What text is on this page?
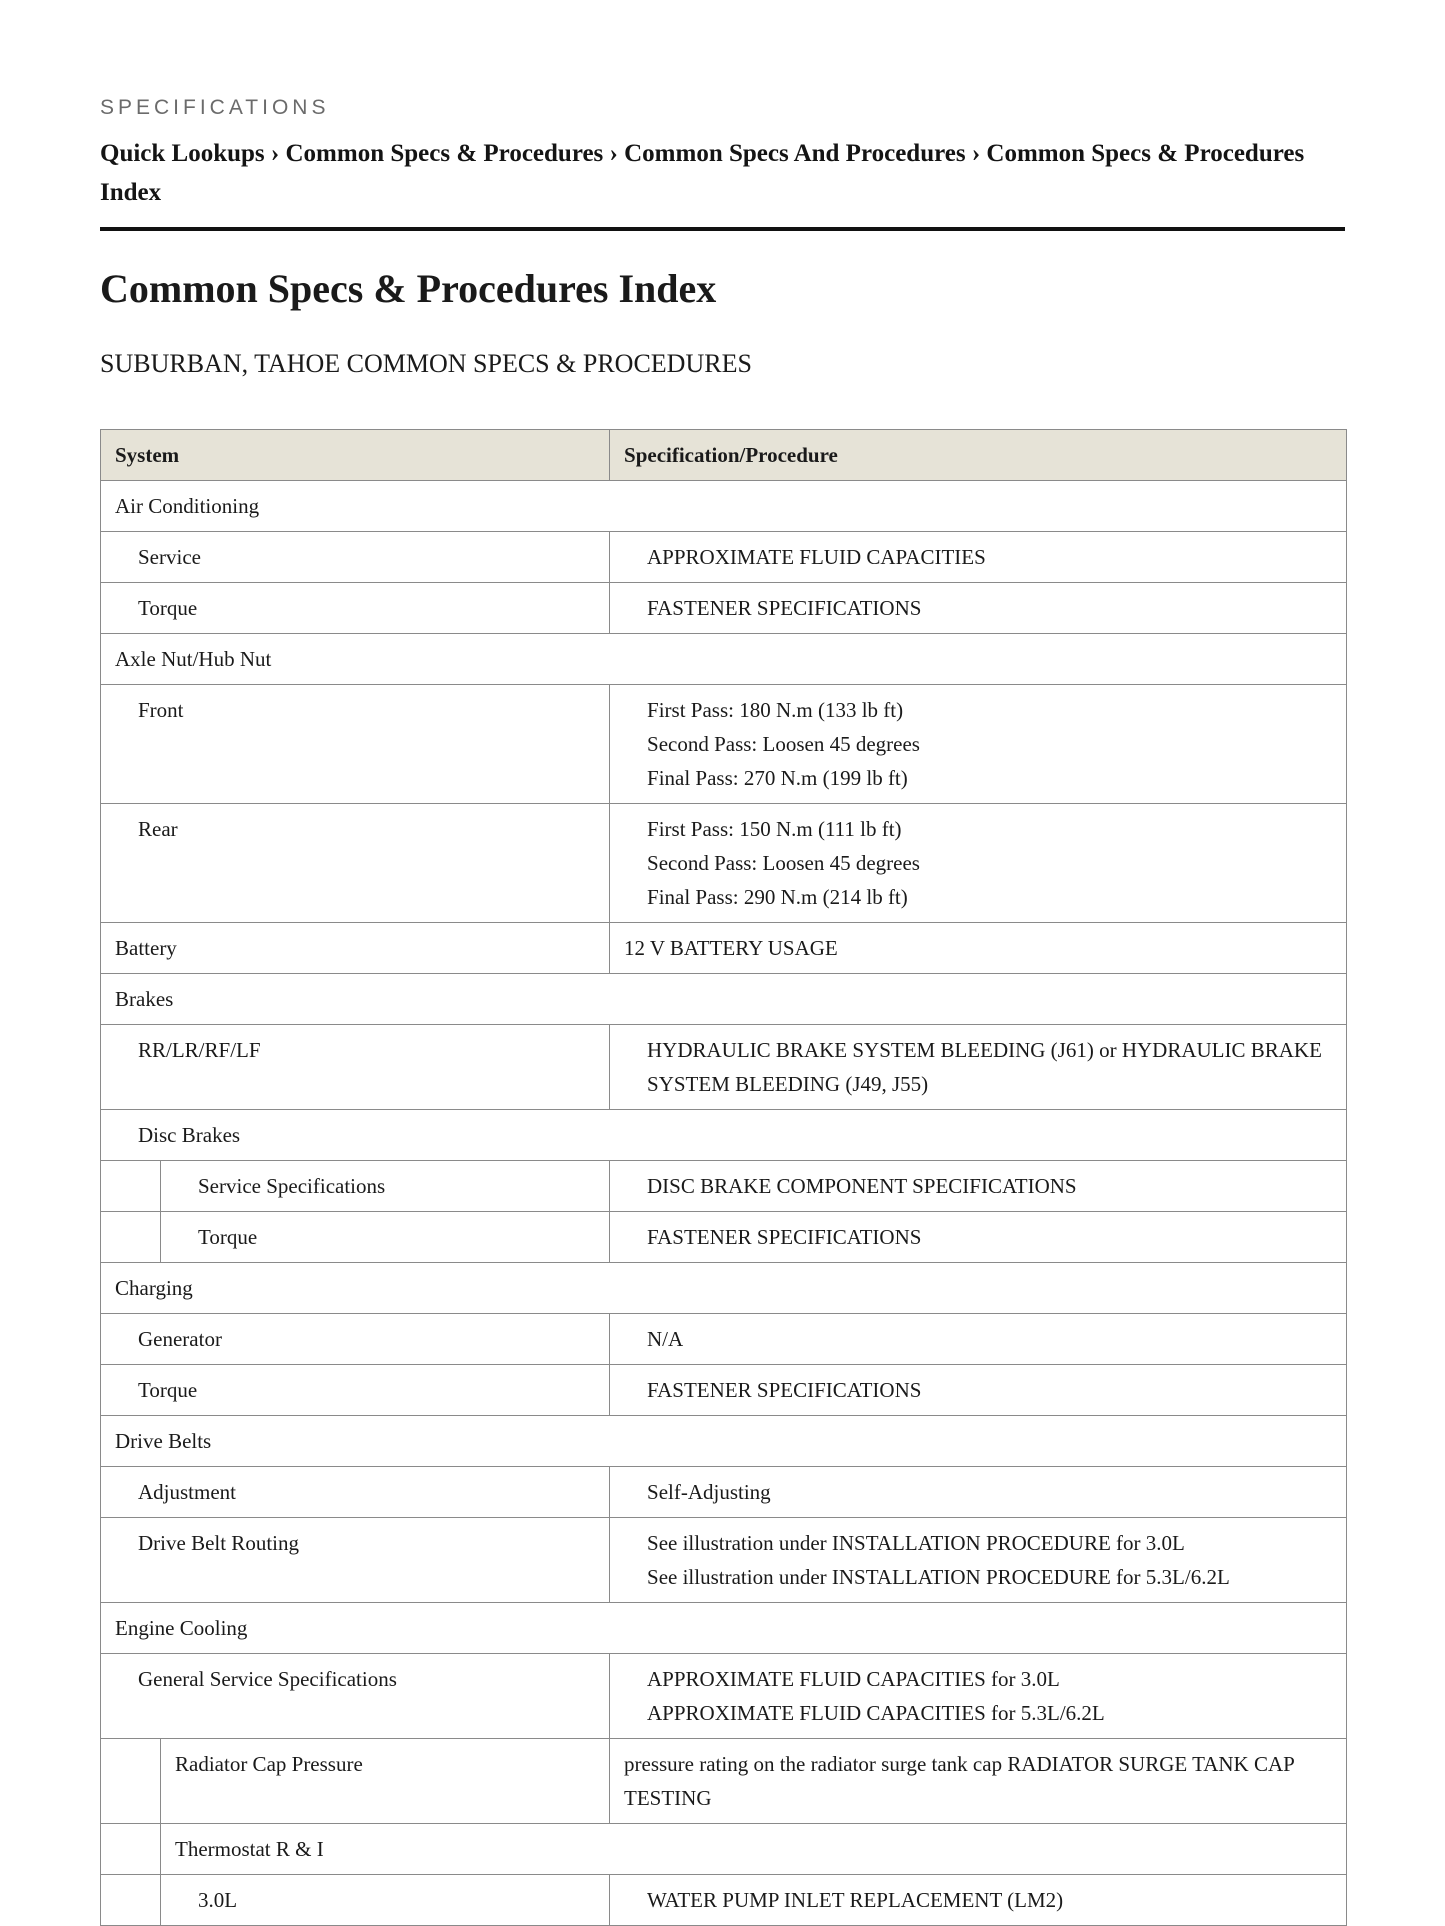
SPECIFICATIONS
Quick Lookups › Common Specs & Procedures › Common Specs And Procedures › Common Specs & Procedures Index
Common Specs & Procedures Index
SUBURBAN, TAHOE COMMON SPECS & PROCEDURES
System		Specification/Procedure
Air Conditioning		
Service		APPROXIMATE FLUID CAPACITIES
Torque		FASTENER SPECIFICATIONS
Axle Nut/Hub Nut		
Front		First Pass: 180 N.m (133 lb ft)
Second Pass: Loosen 45 degrees
Final Pass: 270 N.m (199 lb ft)

Rear		First Pass: 150 N.m (111 lb ft)
Second Pass: Loosen 45 degrees
Final Pass: 290 N.m (214 lb ft)

Battery		12 V BATTERY USAGE
Brakes		
RR/LR/RF/LF		HYDRAULIC BRAKE SYSTEM BLEEDING (J61) or HYDRAULIC BRAKE SYSTEM BLEEDING (J49, J55)
Disc Brakes		
	Service Specifications	DISC BRAKE COMPONENT SPECIFICATIONS
	Torque	FASTENER SPECIFICATIONS
Charging		
Generator		N/A
Torque		FASTENER SPECIFICATIONS
Drive Belts		
Adjustment		Self-Adjusting
Drive Belt Routing		See illustration under INSTALLATION PROCEDURE for 3.0L
See illustration under INSTALLATION PROCEDURE for 5.3L/6.2L

Engine Cooling		
General Service Specifications		APPROXIMATE FLUID CAPACITIES for 3.0L
APPROXIMATE FLUID CAPACITIES for 5.3L/6.2L

	Radiator Cap Pressure	pressure rating on the radiator surge tank cap RADIATOR SURGE TANK CAP TESTING
	Thermostat R & I	
	3.0L	WATER PUMP INLET REPLACEMENT (LM2)
